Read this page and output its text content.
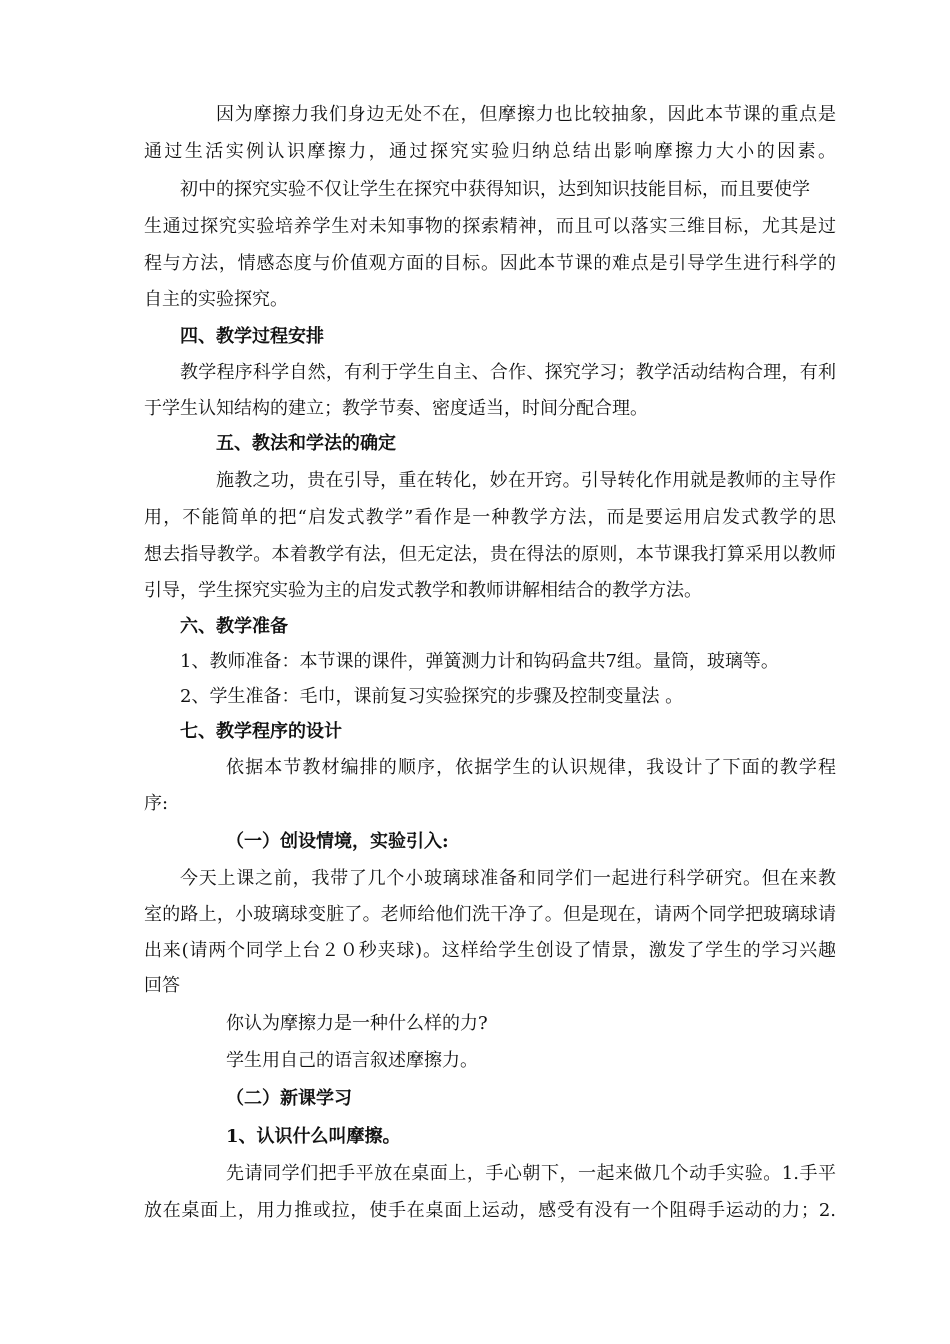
因为摩擦力我们身边无处不在，但摩擦力也比较抽象，因此本节课的重点是
通过生活实例认识摩擦力，通过探究实验归纳总结出影响摩擦力大小的因素。
初中的探究实验不仅让学生在探究中获得知识，达到知识技能目标，而且要使学
生通过探究实验培养学生对未知事物的探索精神，而且可以落实三维目标，尤其是过
程与方法，情感态度与价值观方面的目标。因此本节课的难点是引导学生进行科学的
自主的实验探究。
四、教学过程安排
教学程序科学自然，有利于学生自主、合作、探究学习；教学活动结构合理，有利
于学生认知结构的建立；教学节奏、密度适当，时间分配合理。
五、教法和学法的确定
施教之功，贵在引导，重在转化，妙在开窍。引导转化作用就是教师的主导作
用，不能简单的把“启发式教学”看作是一种教学方法，而是要运用启发式教学的思
想去指导教学。本着教学有法，但无定法，贵在得法的原则，本节课我打算采用以教师
引导，学生探究实验为主的启发式教学和教师讲解相结合的教学方法。
六、教学准备
1、教师准备：本节课的课件，弹簧测力计和钩码盒共7组。量筒，玻璃等。
2、学生准备：毛巾，课前复习实验探究的步骤及控制变量法 。
七、教学程序的设计
依据本节教材编排的顺序，依据学生的认识规律，我设计了下面的教学程
序:
（一）创设情境，实验引入:
今天上课之前，我带了几个小玻璃球准备和同学们一起进行科学研究。但在来教
室的路上，小玻璃球变脏了。老师给他们洗干净了。但是现在，请两个同学把玻璃球请
出来(请两个同学上台２０秒夹球)。这样给学生创设了情景，激发了学生的学习兴趣
回答
你认为摩擦力是一种什么样的力?
学生用自己的语言叙述摩擦力。
（二）新课学习
1、认识什么叫摩擦。
先请同学们把手平放在桌面上，手心朝下，一起来做几个动手实验。1.手平
放在桌面上，用力推或拉，使手在桌面上运动，感受有没有一个阻碍手运动的力；2.
